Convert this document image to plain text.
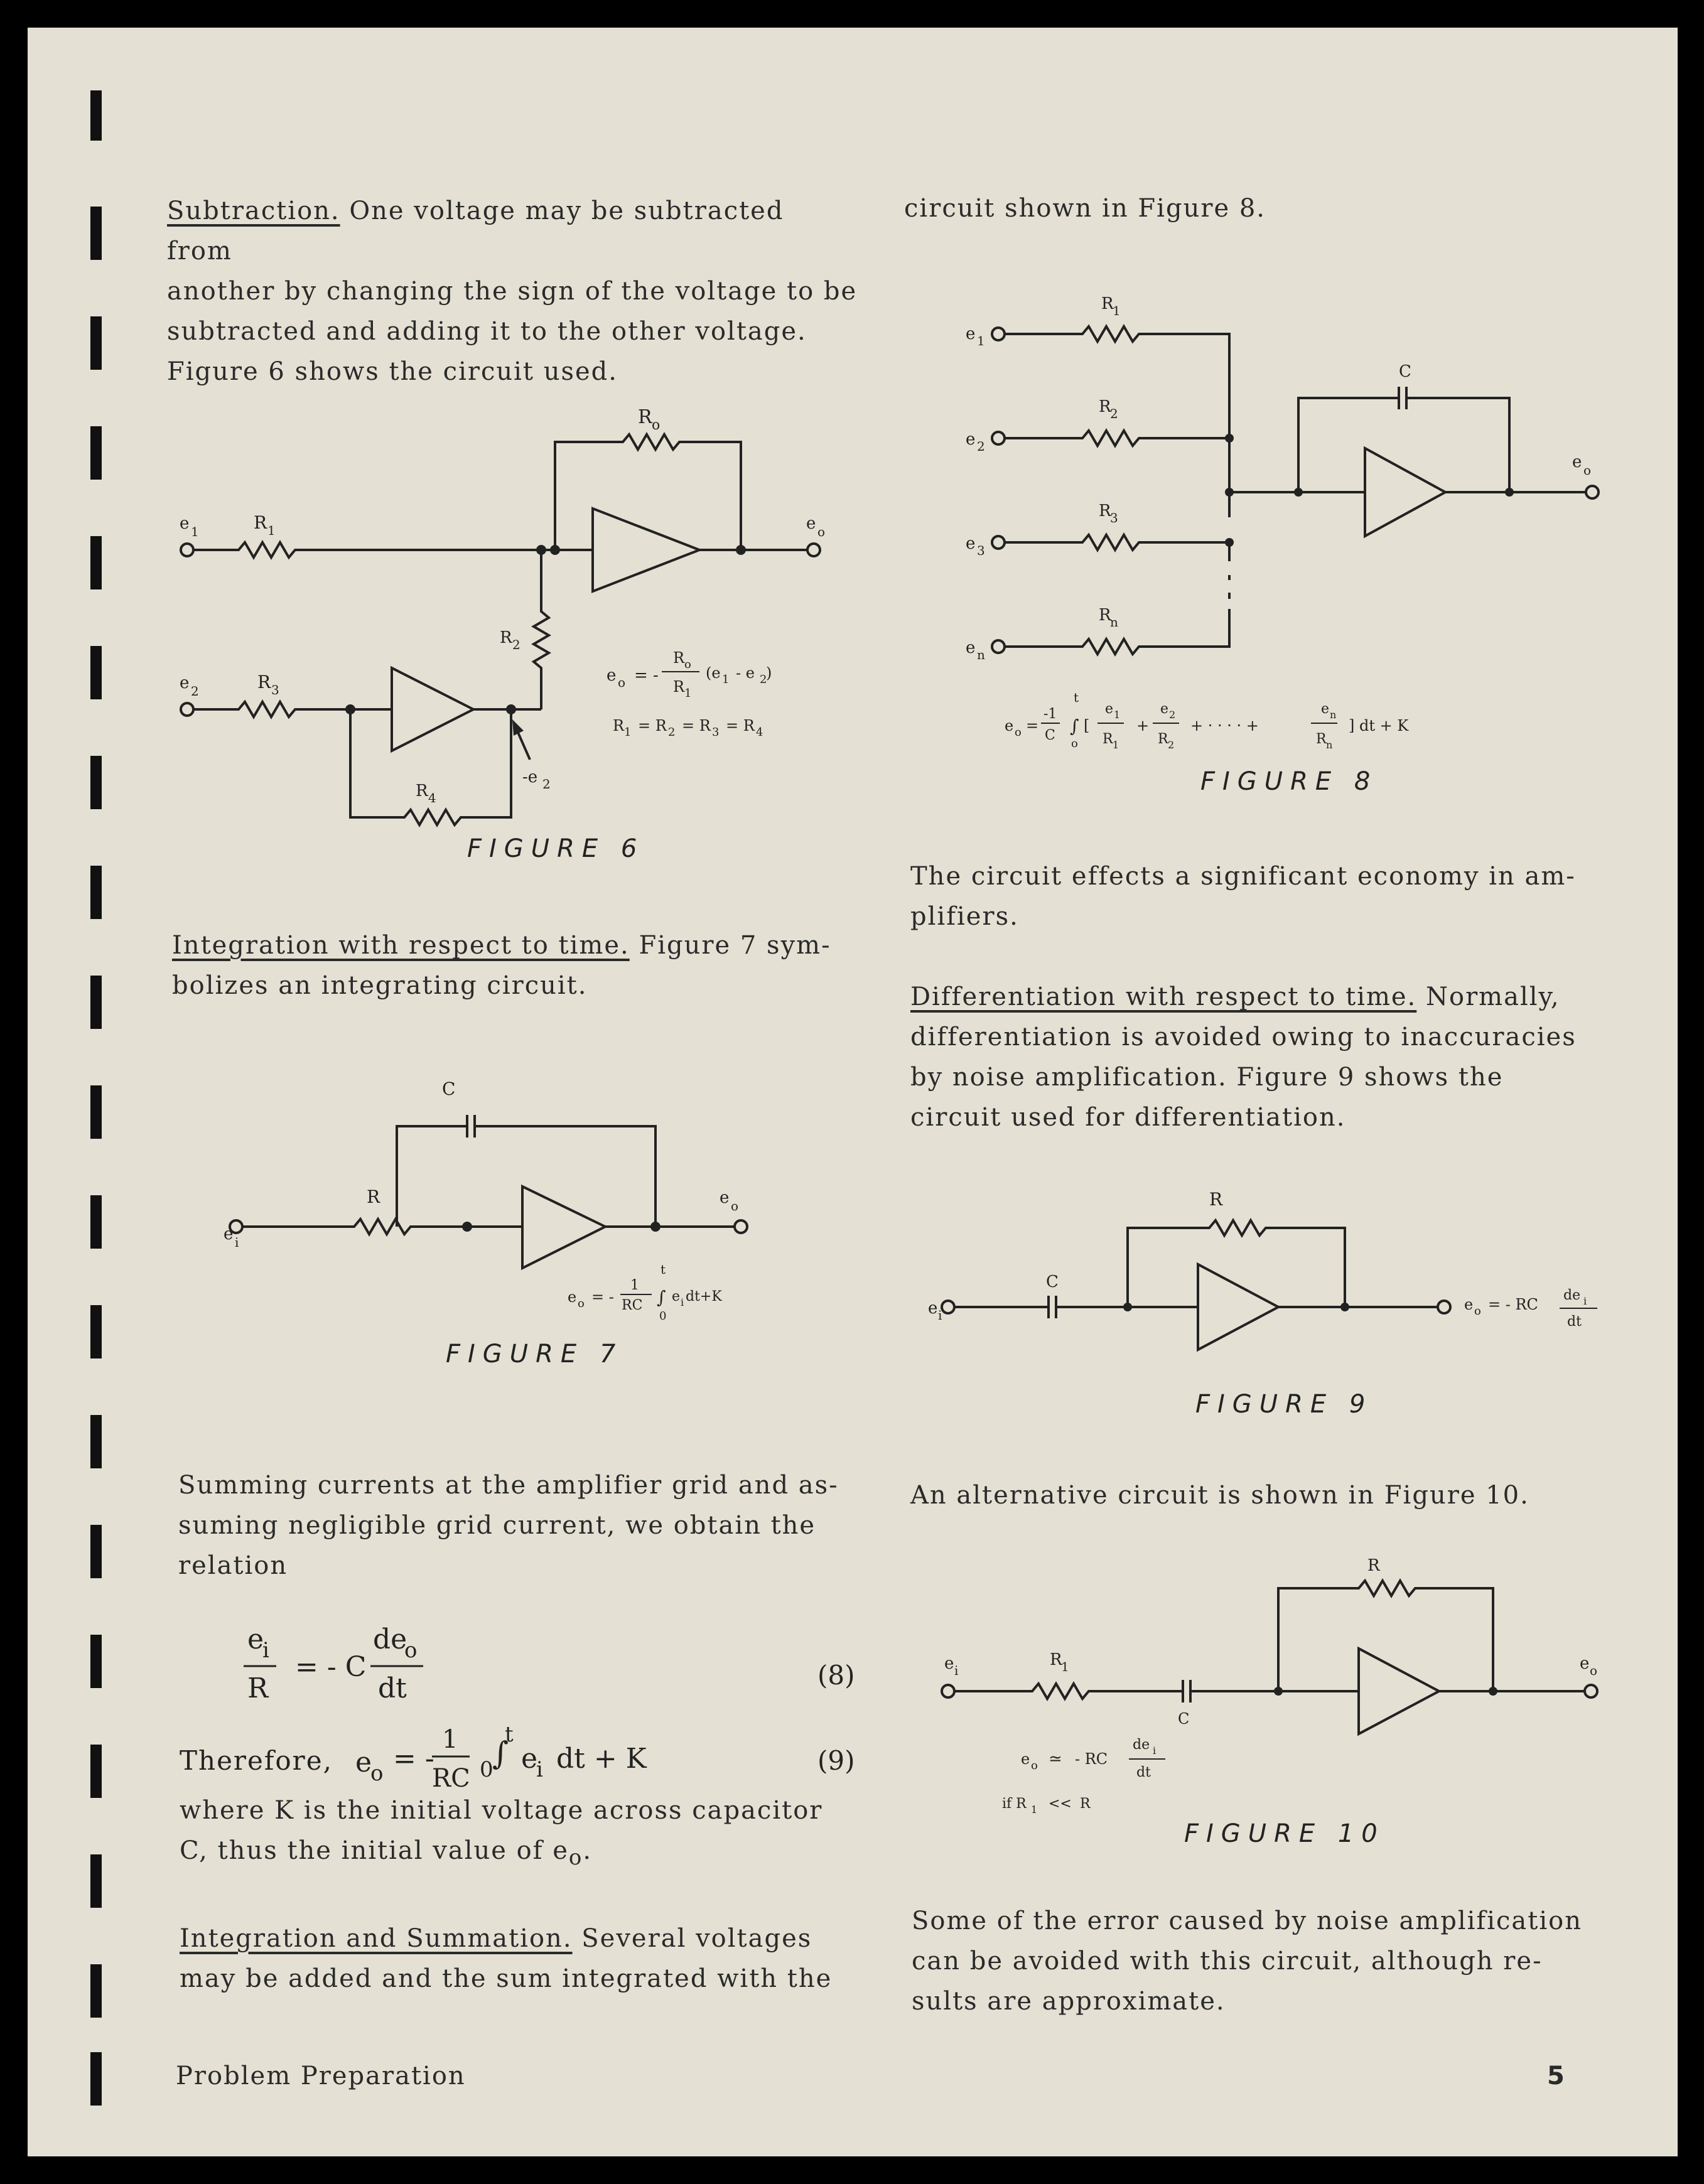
Subtraction. One voltage may be subtracted from

another by changing the sign of the voltage to be

subtracted and adding it to the other voltage.

Figure 6 shows the circuit used.

R o
e 1	R 1	e o
R 2
e 2	R 3
R 4
-e 2
e o = -
R o
R 1
(e 1 - e 2
)
R 1 = R 2 = R 3 = R 4
FIGURE 6

Integration with respect to time. Figure 7 sym-

bolizes an integrating circuit.

C
R
e i
e o
e o = -
1
RC
t
∫
0
e i dt+K
FIGURE 7

Summing currents at the amplifier grid and as-

suming negligible grid current, we obtain the

relation

e
i
R
= - C
de
o
dt	(8)
Therefore, e
o = -
1
RC 0
∫
t
e
i dt + K	(9)

where K is the initial voltage across capacitor

C, thus the initial value of $e_o$.

Integration and Summation. Several voltages

may be added and the sum integrated with the

circuit shown in Figure 8.
e 1
R
1
e 2
R
2
e 3
R
3
e n
R
n
e o
C
e o =
-1
C
t
∫
o
[
e 1
R 1
+
e 2
R 2
+ · · · · +
e n
R n
] dt + K
FIGURE 8

The circuit effects a significant economy in am-

plifiers.

Differentiation with respect to time. Normally,

differentiation is avoided owing to inaccuracies

by noise amplification. Figure 9 shows the

circuit used for differentiation.

R
e i
C
e o = - RC
de i
dt
FIGURE 9
An alternative circuit is shown in Figure 10.
R
e i
R
1
C
e o
e o ≃ - RC
de i
dt
if R 1 << R
FIGURE 10

Some of the error caused by noise amplification

can be avoided with this circuit, although re-

sults are approximate.

Problem Preparation	5
